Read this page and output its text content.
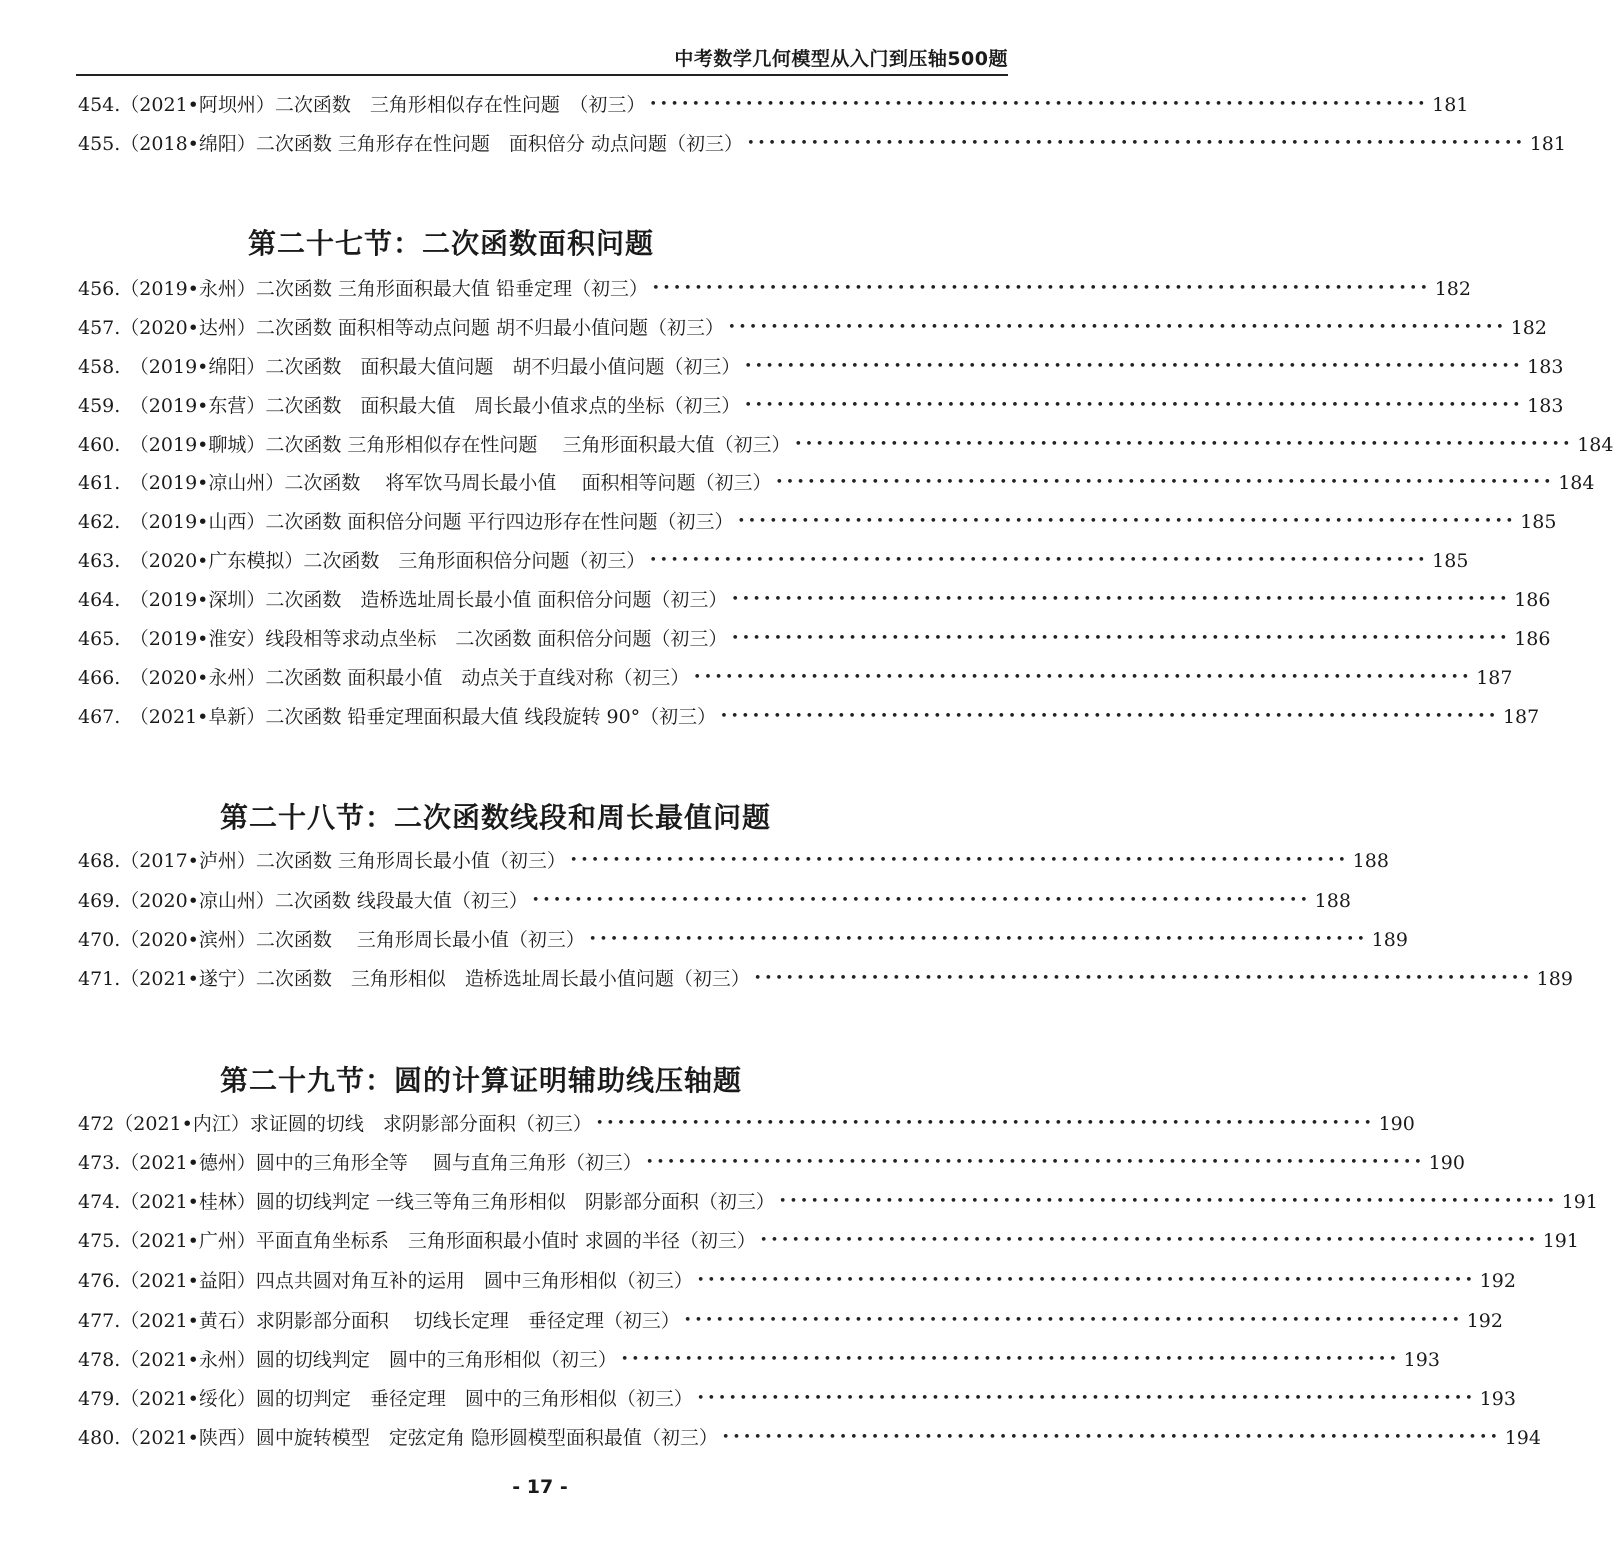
中考数学几何模型从入门到压轴500题
454.（2021•阿坝州）二次函数　三角形相似存在性问题　（初三） ••••••••••••••••••••••••••••••••••••••••••••••••••••••••••••••••••••••••• 181
455.（2018•绵阳）二次函数 三角形存在性问题　面积倍分 动点问题（初三） ••••••••••••••••••••••••••••••••••••••••••••••••••••••••••••••••••••••••• 181
第二十七节：二次函数面积问题
456.（2019•永州）二次函数 三角形面积最大值 铅垂定理（初三） ••••••••••••••••••••••••••••••••••••••••••••••••••••••••••••••••••••••••• 182
457.（2020•达州）二次函数 面积相等动点问题 胡不归最小值问题（初三） ••••••••••••••••••••••••••••••••••••••••••••••••••••••••••••••••••••••••• 182
458.　（2019•绵阳）二次函数　面积最大值问题　胡不归最小值问题（初三） ••••••••••••••••••••••••••••••••••••••••••••••••••••••••••••••••••••••••• 183
459.　（2019•东营）二次函数　面积最大值　周长最小值求点的坐标（初三） ••••••••••••••••••••••••••••••••••••••••••••••••••••••••••••••••••••••••• 183
460.　（2019•聊城）二次函数 三角形相似存在性问题　 三角形面积最大值（初三） ••••••••••••••••••••••••••••••••••••••••••••••••••••••••••••••••••••••••• 184
461.　（2019•凉山州）二次函数　 将军饮马周长最小值　 面积相等问题（初三） ••••••••••••••••••••••••••••••••••••••••••••••••••••••••••••••••••••••••• 184
462.　（2019•山西）二次函数 面积倍分问题 平行四边形存在性问题（初三） ••••••••••••••••••••••••••••••••••••••••••••••••••••••••••••••••••••••••• 185
463.　（2020•广东模拟）二次函数　三角形面积倍分问题（初三） ••••••••••••••••••••••••••••••••••••••••••••••••••••••••••••••••••••••••• 185
464.　（2019•深圳）二次函数　造桥选址周长最小值 面积倍分问题（初三） ••••••••••••••••••••••••••••••••••••••••••••••••••••••••••••••••••••••••• 186
465.　（2019•淮安）线段相等求动点坐标　二次函数 面积倍分问题（初三） ••••••••••••••••••••••••••••••••••••••••••••••••••••••••••••••••••••••••• 186
466.　（2020•永州）二次函数 面积最小值　动点关于直线对称（初三） ••••••••••••••••••••••••••••••••••••••••••••••••••••••••••••••••••••••••• 187
467.　（2021•阜新）二次函数 铅垂定理面积最大值 线段旋转 90°（初三） ••••••••••••••••••••••••••••••••••••••••••••••••••••••••••••••••••••••••• 187
第二十八节：二次函数线段和周长最值问题
468.（2017•泸州）二次函数 三角形周长最小值（初三） ••••••••••••••••••••••••••••••••••••••••••••••••••••••••••••••••••••••••• 188
469.（2020•凉山州）二次函数 线段最大值（初三） ••••••••••••••••••••••••••••••••••••••••••••••••••••••••••••••••••••••••• 188
470.（2020•滨州）二次函数　 三角形周长最小值（初三） ••••••••••••••••••••••••••••••••••••••••••••••••••••••••••••••••••••••••• 189
471.（2021•遂宁）二次函数　三角形相似　造桥选址周长最小值问题（初三） ••••••••••••••••••••••••••••••••••••••••••••••••••••••••••••••••••••••••• 189
第二十九节：圆的计算证明辅助线压轴题
472（2021•内江）求证圆的切线　求阴影部分面积（初三） ••••••••••••••••••••••••••••••••••••••••••••••••••••••••••••••••••••••••• 190
473.（2021•德州）圆中的三角形全等　 圆与直角三角形（初三） ••••••••••••••••••••••••••••••••••••••••••••••••••••••••••••••••••••••••• 190
474.（2021•桂林）圆的切线判定 一线三等角三角形相似　阴影部分面积（初三） ••••••••••••••••••••••••••••••••••••••••••••••••••••••••••••••••••••••••• 191
475.（2021•广州）平面直角坐标系　三角形面积最小值时 求圆的半径（初三） ••••••••••••••••••••••••••••••••••••••••••••••••••••••••••••••••••••••••• 191
476.（2021•益阳）四点共圆对角互补的运用　圆中三角形相似（初三） ••••••••••••••••••••••••••••••••••••••••••••••••••••••••••••••••••••••••• 192
477.（2021•黄石）求阴影部分面积　 切线长定理　垂径定理（初三） ••••••••••••••••••••••••••••••••••••••••••••••••••••••••••••••••••••••••• 192
478.（2021•永州）圆的切线判定　圆中的三角形相似（初三） ••••••••••••••••••••••••••••••••••••••••••••••••••••••••••••••••••••••••• 193
479.（2021•绥化）圆的切判定　垂径定理　圆中的三角形相似（初三） ••••••••••••••••••••••••••••••••••••••••••••••••••••••••••••••••••••••••• 193
480.（2021•陕西）圆中旋转模型　定弦定角 隐形圆模型面积最值（初三） ••••••••••••••••••••••••••••••••••••••••••••••••••••••••••••••••••••••••• 194
- 17 -
